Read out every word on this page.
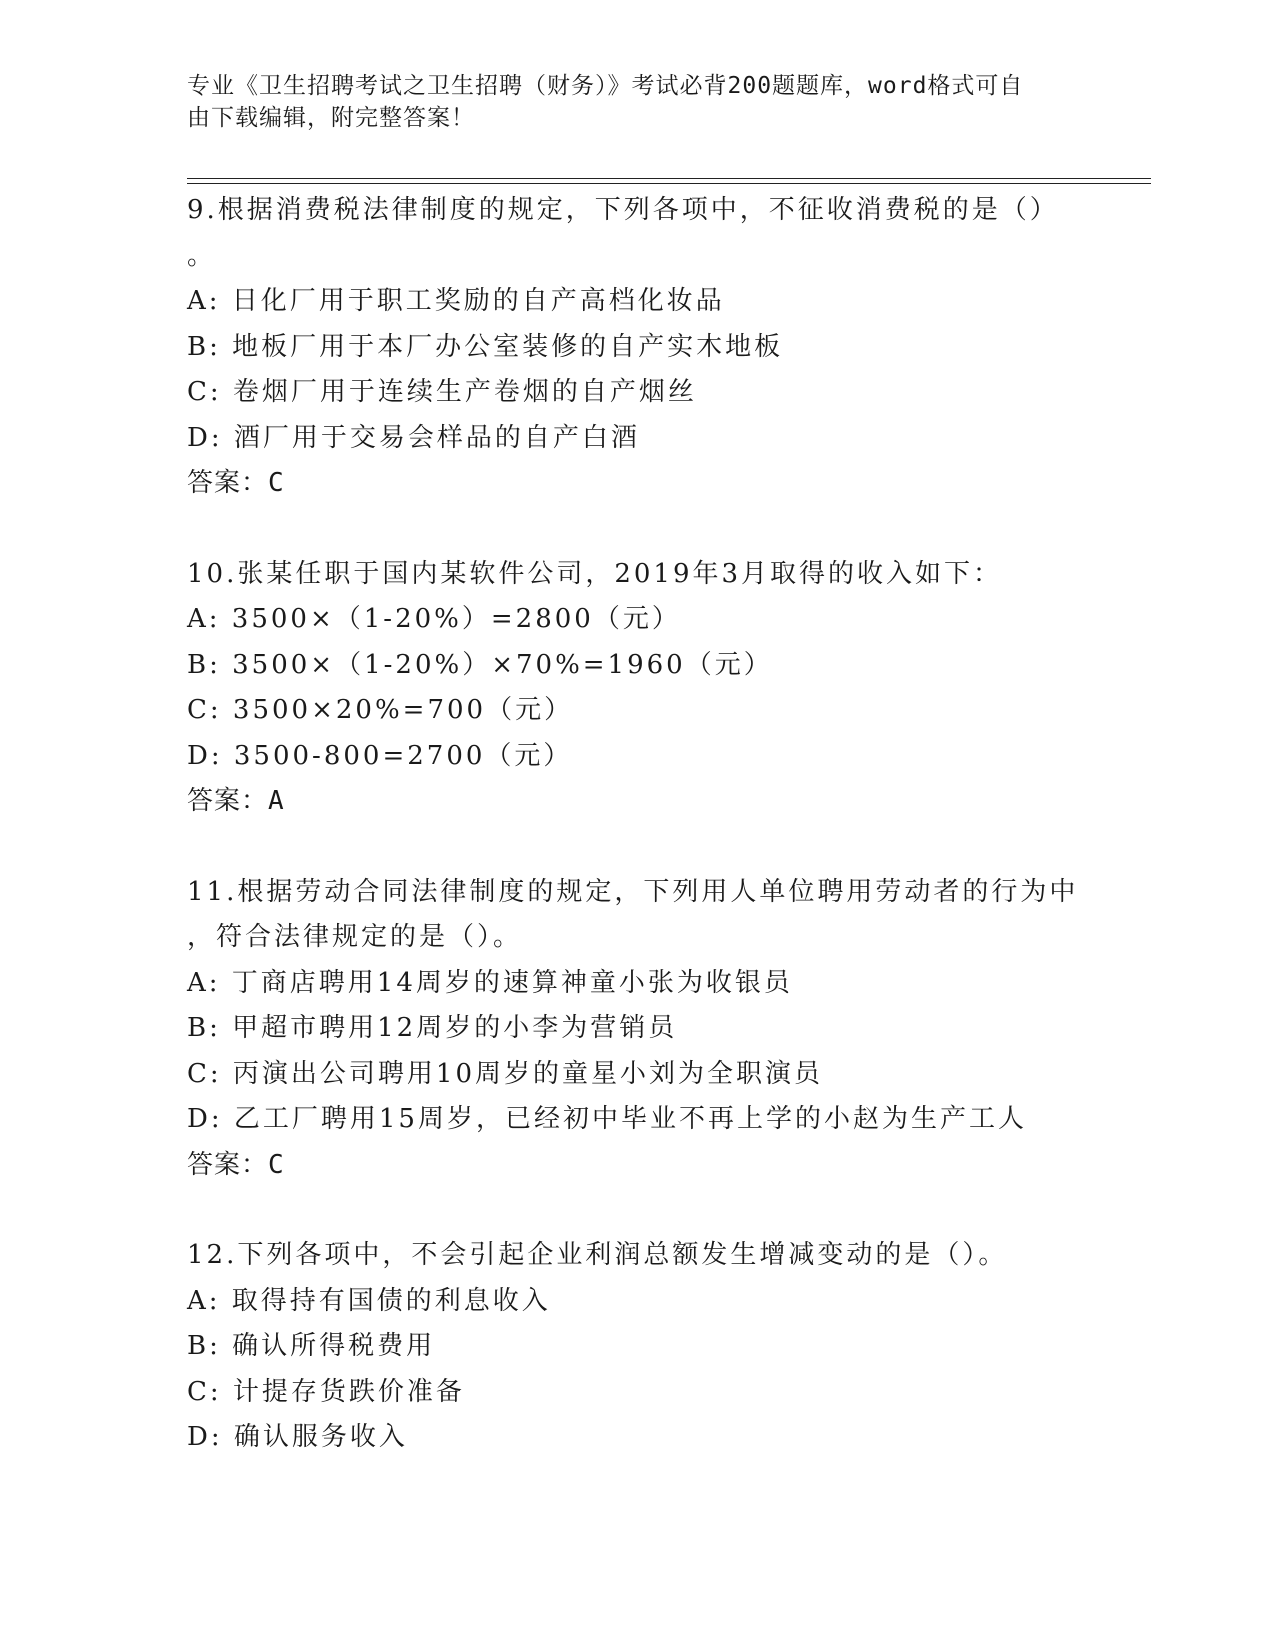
专业《卫生招聘考试之卫生招聘（财务）》考试必背200题题库，word格式可自
由下载编辑，附完整答案！
9.根据消费税法律制度的规定，下列各项中，不征收消费税的是（）
。
A: 日化厂用于职工奖励的自产高档化妆品
B: 地板厂用于本厂办公室装修的自产实木地板
C: 卷烟厂用于连续生产卷烟的自产烟丝
D: 酒厂用于交易会样品的自产白酒
答案：C
10.张某任职于国内某软件公司，2019年3月取得的收入如下：
A: 3500×（1-20%）=2800（元）
B: 3500×（1-20%）×70%=1960（元）
C: 3500×20%=700（元）
D: 3500-800=2700（元）
答案：A
11.根据劳动合同法律制度的规定，下列用人单位聘用劳动者的行为中
，符合法律规定的是（）。
A: 丁商店聘用14周岁的速算神童小张为收银员
B: 甲超市聘用12周岁的小李为营销员
C: 丙演出公司聘用10周岁的童星小刘为全职演员
D: 乙工厂聘用15周岁，已经初中毕业不再上学的小赵为生产工人
答案：C
12.下列各项中，不会引起企业利润总额发生增减变动的是（）。
A: 取得持有国债的利息收入
B: 确认所得税费用
C: 计提存货跌价准备
D: 确认服务收入
